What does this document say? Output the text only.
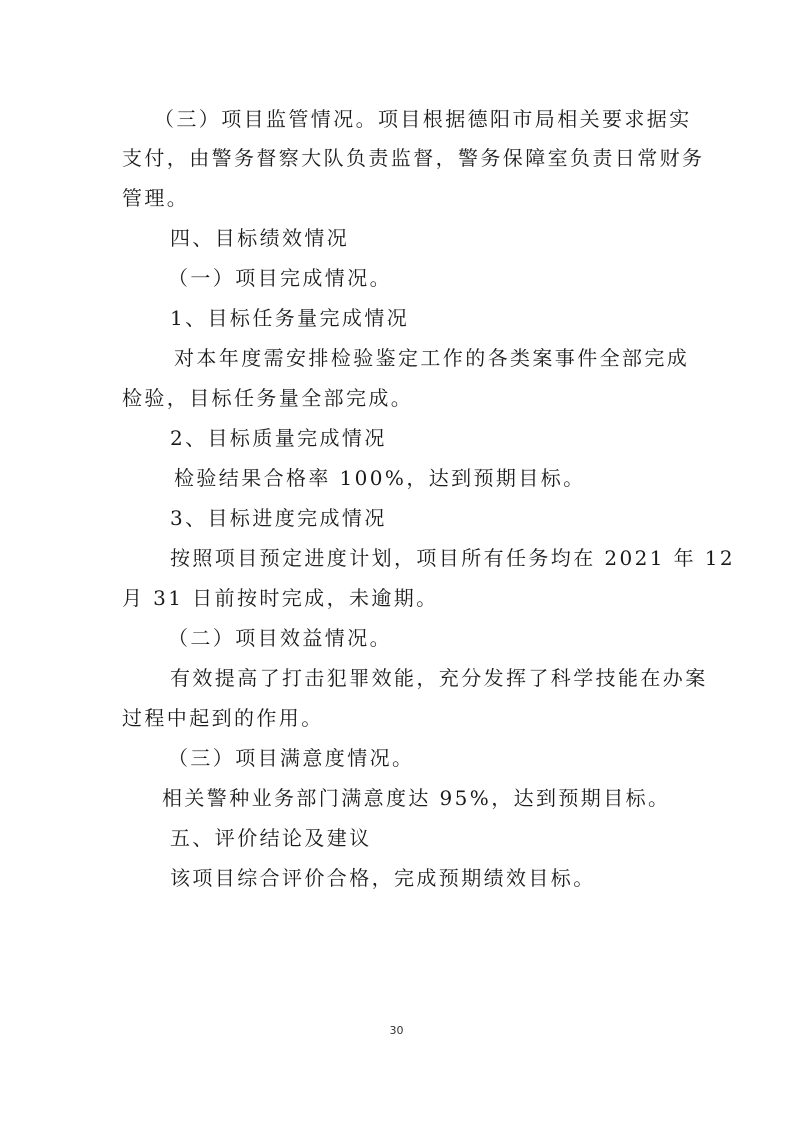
（三）项目监管情况。项目根据德阳市局相关要求据实
支付，由警务督察大队负责监督，警务保障室负责日常财务
管理。
四、目标绩效情况
（一）项目完成情况。
1、目标任务量完成情况
对本年度需安排检验鉴定工作的各类案事件全部完成
检验，目标任务量全部完成。
2、目标质量完成情况
检验结果合格率 100%，达到预期目标。
3、目标进度完成情况
按照项目预定进度计划，项目所有任务均在 2021 年 12
月 31 日前按时完成，未逾期。
（二）项目效益情况。
有效提高了打击犯罪效能，充分发挥了科学技能在办案
过程中起到的作用。
（三）项目满意度情况。
相关警种业务部门满意度达 95%，达到预期目标。
五、评价结论及建议
该项目综合评价合格，完成预期绩效目标。
30
